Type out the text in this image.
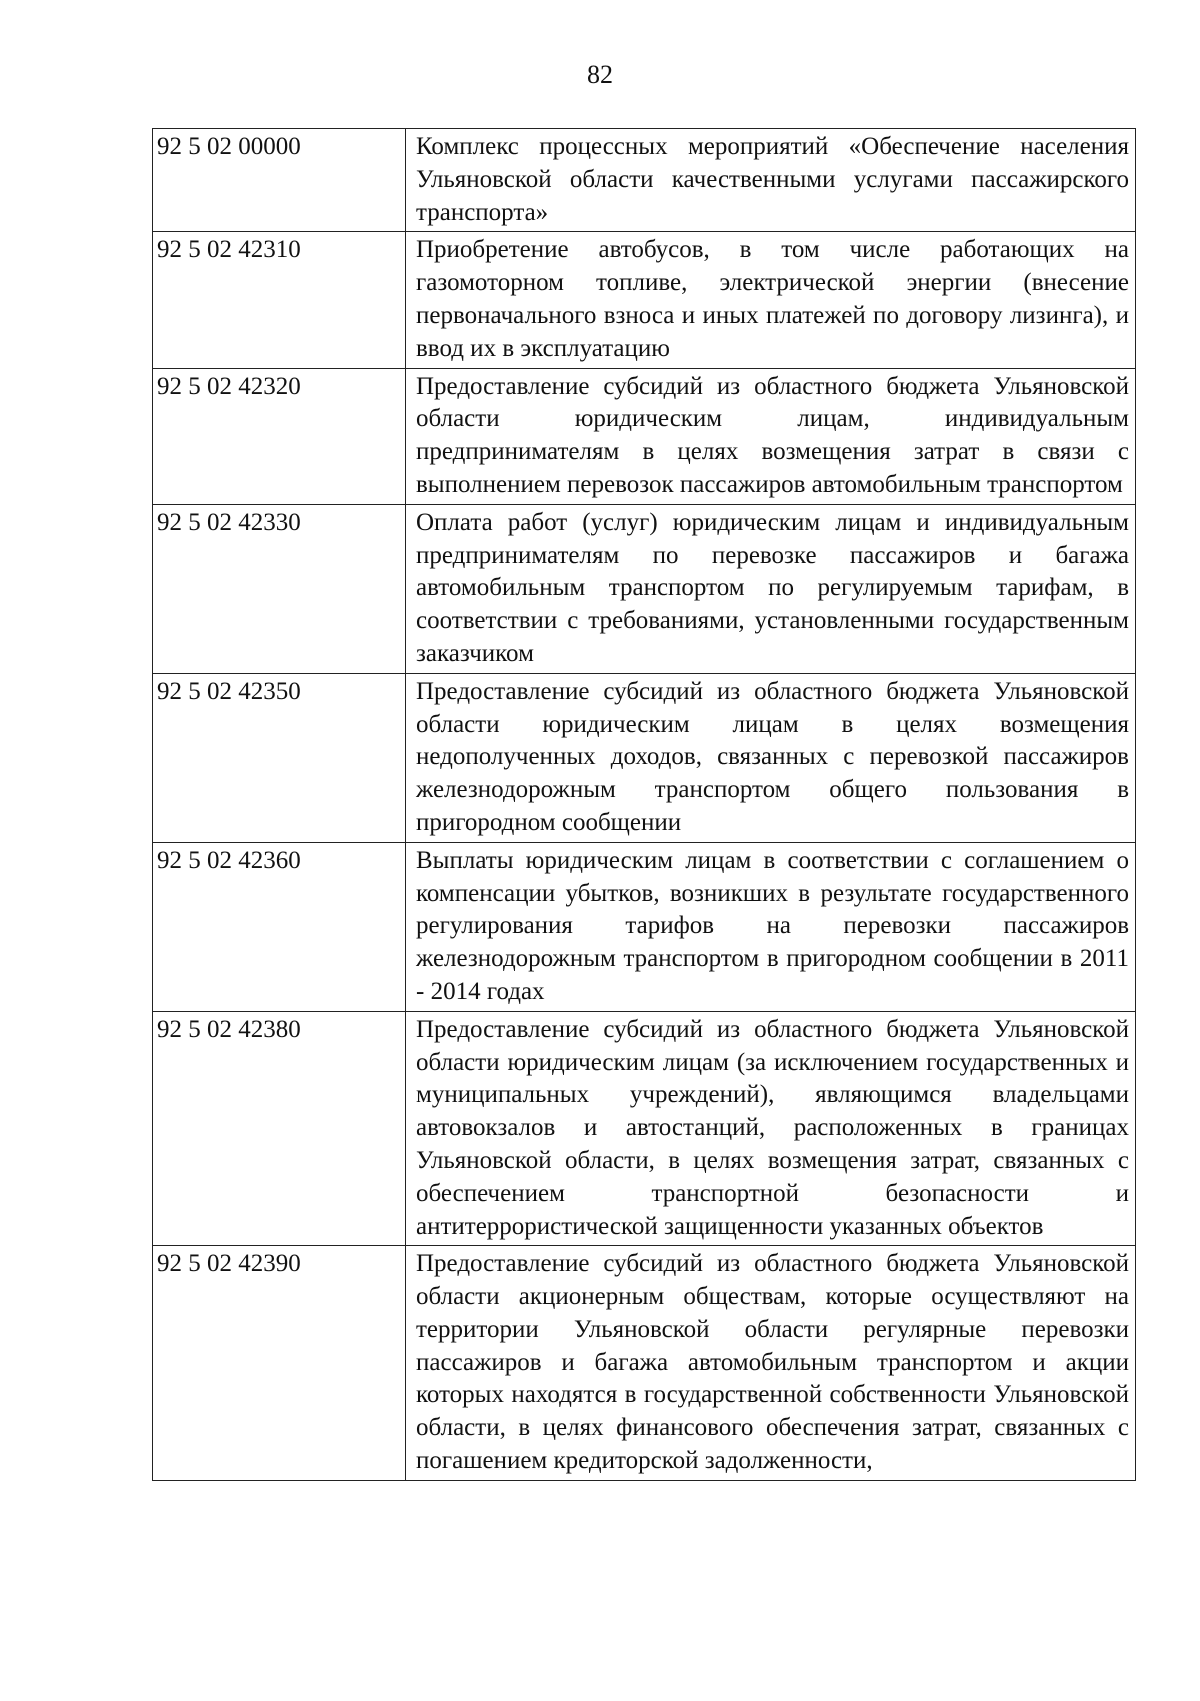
82
92 5 02 00000	Комплекс процессных мероприятий «Обеспечение населения Ульяновской области качественными услугами пассажирского транспорта»
92 5 02 42310	Приобретение автобусов, в том числе работающих на газомоторном топливе, электрической энергии (внесение первоначального взноса и иных платежей по договору лизинга), и ввод их в эксплуатацию
92 5 02 42320	Предоставление субсидий из областного бюджета Ульяновской области юридическим лицам, индивидуальным предпринимателям в целях возмещения затрат в связи с выполнением перевозок пассажиров автомобильным транспортом
92 5 02 42330	Оплата работ (услуг) юридическим лицам и индивидуальным предпринимателям по перевозке пассажиров и багажа автомобильным транспортом по регулируемым тарифам, в соответствии с требованиями, установленными государственным заказчиком
92 5 02 42350	Предоставление субсидий из областного бюджета Ульяновской области юридическим лицам в целях возмещения недополученных доходов, связанных с перевозкой пассажиров железнодорожным транспортом общего пользования в пригородном сообщении
92 5 02 42360	Выплаты юридическим лицам в соответствии с соглашением о компенсации убытков, возникших в результате государственного регулирования тарифов на перевозки пассажиров железнодорожным транспортом в пригородном сообщении в 2011 - 2014 годах
92 5 02 42380	Предоставление субсидий из областного бюджета Ульяновской области юридическим лицам (за исключением государственных и муниципальных учреждений), являющимся владельцами автовокзалов и автостанций, расположенных в границах Ульяновской области, в целях возмещения затрат, связанных с обеспечением транспортной безопасности и антитеррористической защищенности указанных объектов
92 5 02 42390	Предоставление субсидий из областного бюджета Ульяновской области акционерным обществам, которые осуществляют на территории Ульяновской области регулярные перевозки пассажиров и багажа автомобильным транспортом и акции которых находятся в государственной собственности Ульяновской области, в целях финансового обеспечения затрат, связанных с погашением кредиторской задолженности,
